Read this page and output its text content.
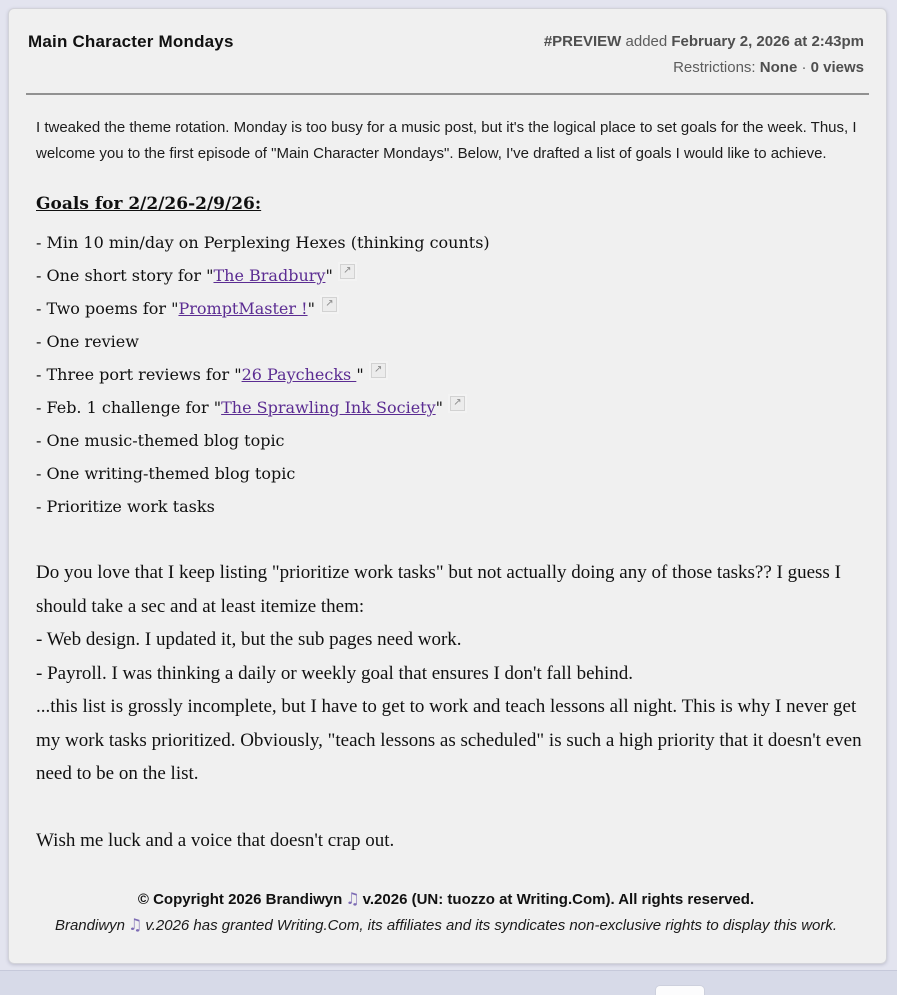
Main Character Mondays	#PREVIEW added February 2, 2026 at 2:43pm
Restrictions: None · 0 views
I tweaked the theme rotation. Monday is too busy for a music post, but it's the logical place to set goals for the week. Thus, I welcome you to the first episode of "Main Character Mondays". Below, I've drafted a list of goals I would like to achieve.
Goals for 2/2/26-2/9/26:
- Min 10 min/day on Perplexing Hexes (thinking counts)
- One short story for "The Bradbury" ↗
- Two poems for "PromptMaster !" ↗
- One review
- Three port reviews for "26 Paychecks " ↗
- Feb. 1 challenge for "The Sprawling Ink Society" ↗
- One music-themed blog topic
- One writing-themed blog topic
- Prioritize work tasks
Do you love that I keep listing "prioritize work tasks" but not actually doing any of those tasks?? I guess I should take a sec and at least itemize them:
- Web design. I updated it, but the sub pages need work.
- Payroll. I was thinking a daily or weekly goal that ensures I don't fall behind.
...this list is grossly incomplete, but I have to get to work and teach lessons all night. This is why I never get my work tasks prioritized. Obviously, "teach lessons as scheduled" is such a high priority that it doesn't even need to be on the list.
Wish me luck and a voice that doesn't crap out.
© Copyright 2026 Brandiwyn ♫ v.2026 (UN: tuozzo at Writing.Com). All rights reserved.
Brandiwyn ♫ v.2026 has granted Writing.Com, its affiliates and its syndicates non-exclusive rights to display this work.
